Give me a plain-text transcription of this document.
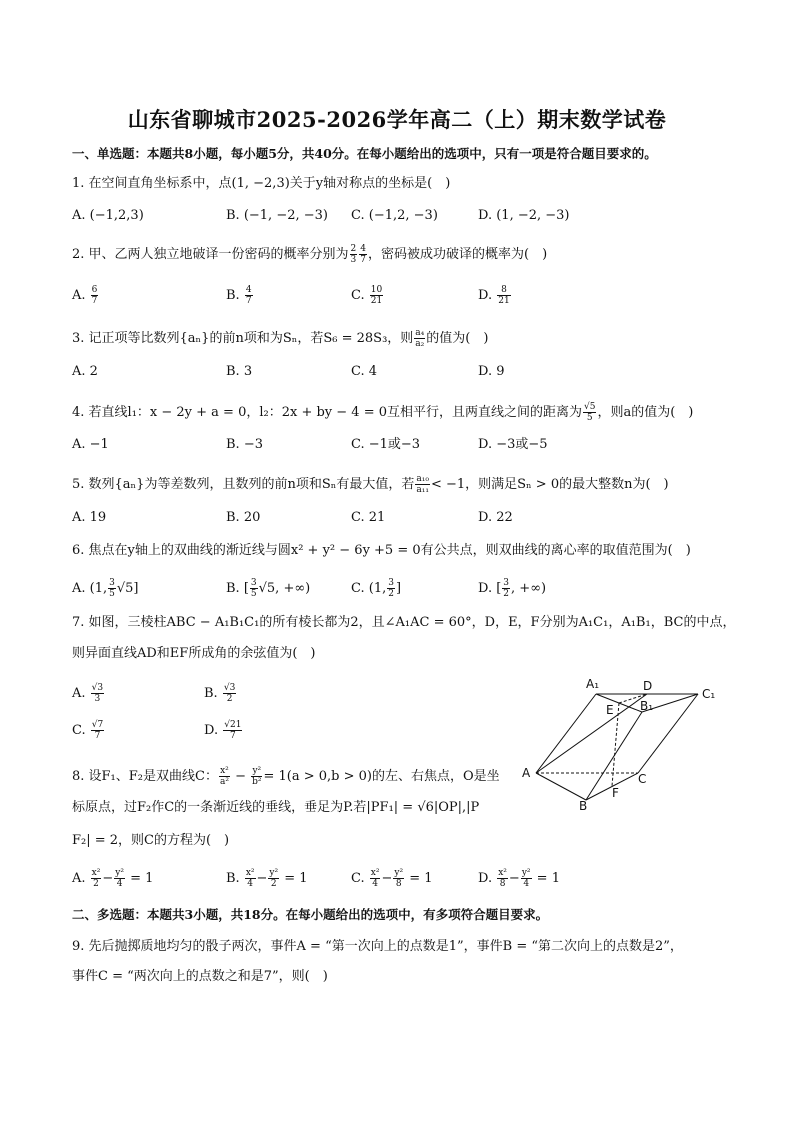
山东省聊城市2025-2026学年高二（上）期末数学试卷
一、单选题：本题共8小题，每小题5分，共40分。在每小题给出的选项中，只有一项是符合题目要求的。
1. 在空间直角坐标系中，点(1, −2,3)关于y轴对称点的坐标是(　)
A. (−1,2,3)	B. (−1, −2, −3) C. (−1,2, −3)	D. (1, −2, −3)
2. 甲、乙两人独立地破译一份密码的概率分别为 $\frac{2}{3} \frac{4}{7}$ ，密码被成功破译的概率为(　)
A. $\frac{6}{7}$	B. $\frac{4}{7}$	C. $\frac{10}{21}$	D. $\frac{8}{21}$
3. 记正项等比数列{aₙ}的前n项和为Sₙ，若S₆ = 28S₃，则 $\frac{\text{a₄}}{\text{a₂}}$ 的值为(　)
A. 2	B. 3	C. 4	D. 9
4. 若直线l₁：x − 2y + a = 0，l₂：2x + by − 4 = 0互相平行，且两直线之间的距离为 $\frac{√5}{5}$ ，则a的值为(　)
A. −1	B. −3	C. −1或−3	D. −3或−5
5. 数列{aₙ}为等差数列，且数列的前n项和Sₙ有最大值，若 $\frac{\text{a₁₀}}{\text{a₁₁}} < -1$，则满足Sₙ > 0的最大整数n为(　)
A. 19	B. 20	C. 21	D. 22
6. 焦点在y轴上的双曲线的渐近线与圆x² + y² − 6y +5 = 0有公共点，则双曲线的离心率的取值范围为(　)
A. (1, $\frac{3}{5} √5$]	B. [ $\frac{3}{5} √5$, +∞)	C. (1, $\frac{3}{2}$ ]	D. [ $\frac{3}{2}$ , +∞)
7. 如图，三棱柱ABC − A₁B₁C₁的所有棱长都为2，且∠A₁AC = 60°，D，E，F分别为A₁C₁，A₁B₁，BC的中点，
则异面直线AD和EF所成角的余弦值为(　)
A. $\frac{√3}{3}$	B. $\frac{√3}{2}$
C. $\frac{√7}{7}$	D. $\frac{√21}{7}$
A₁	D
C₁
E B₁
A	C
F
B
8. 设F₁、F₂是双曲线C： $\frac{\text{x²}}{\text{a²}} - \frac{\text{y²}}{\text{b²}} = 1(a > 0,b > 0)$的左、右焦点，O是坐
标原点，过F₂作C的一条渐近线的垂线，垂足为P.若|PF₁| = √6|OP|,|P
F₂| = 2，则C的方程为(　)
A. $\frac{\text{x²}}{2} - \frac{\text{y²}}{4} = 1$	B. $\frac{\text{x²}}{4} - \frac{\text{y²}}{2} = 1$	C. $\frac{\text{x²}}{4} - \frac{\text{y²}}{8} = 1$	D. $\frac{\text{x²}}{8} - \frac{\text{y²}}{4} = 1$
二、多选题：本题共3小题，共18分。在每小题给出的选项中，有多项符合题目要求。
9. 先后抛掷质地均匀的骰子两次，事件A = “第一次向上的点数是1”，事件B = “第二次向上的点数是2”，
事件C = “两次向上的点数之和是7”，则(　)
